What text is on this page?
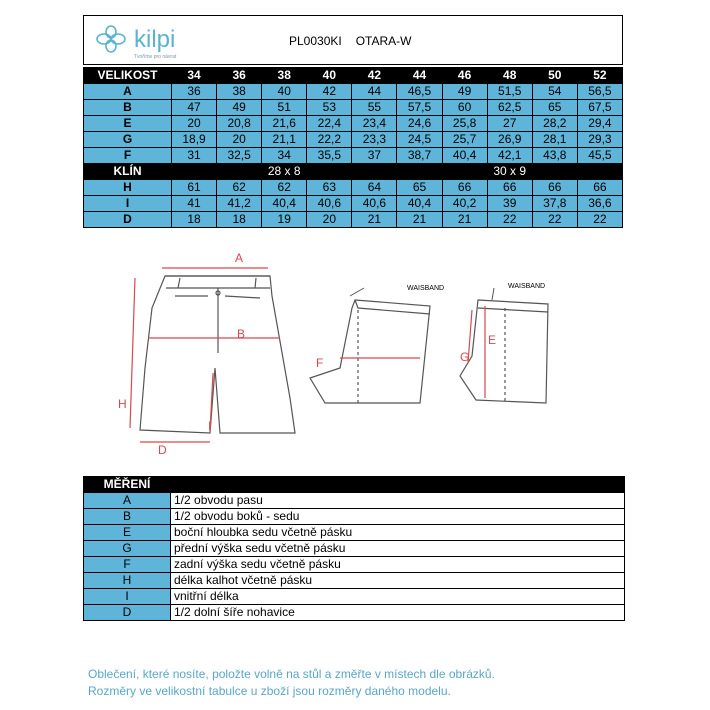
kilpi
Tvoříme pro návrat
PL0030KI OTARA-W
VELIKOST	34	36	38	40	42	44	46	48	50	52
A	36	38	40	42	44	46,5	49	51,5	54	56,5
B	47	49	51	53	55	57,5	60	62,5	65	67,5
E	20	20,8	21,6	22,4	23,4	24,6	25,8	27	28,2	29,4
G	18,9	20	21,1	22,2	23,3	24,5	25,7	26,9	28,1	29,3
F	31	32,5	34	35,5	37	38,7	40,4	42,1	43,8	45,5
KLÍN	28 x 8					30 x 9				
H	61	62	62	63	64	65	66	66	66	66
I	41	41,2	40,4	40,6	40,6	40,4	40,2	39	37,8	36,6
D	18	18	19	20	21	21	21	22	22	22
A
B
H
I
D
WAISBAND
F
WAISBAND
E
G
MĚŘENÍ	
A	1/2 obvodu pasu
B	1/2 obvodu boků - sedu
E	boční hloubka sedu včetně pásku
G	přední výška sedu včetně pásku
F	zadní výška sedu včetně pásku
H	délka kalhot včetně pásku
I	vnitřní délka
D	1/2 dolní šíře nohavice
Oblečení, které nosíte, položte volně na stůl a změřte v místech dle obrázků.
Rozměry ve velikostní tabulce u zboží jsou rozměry daného modelu.
